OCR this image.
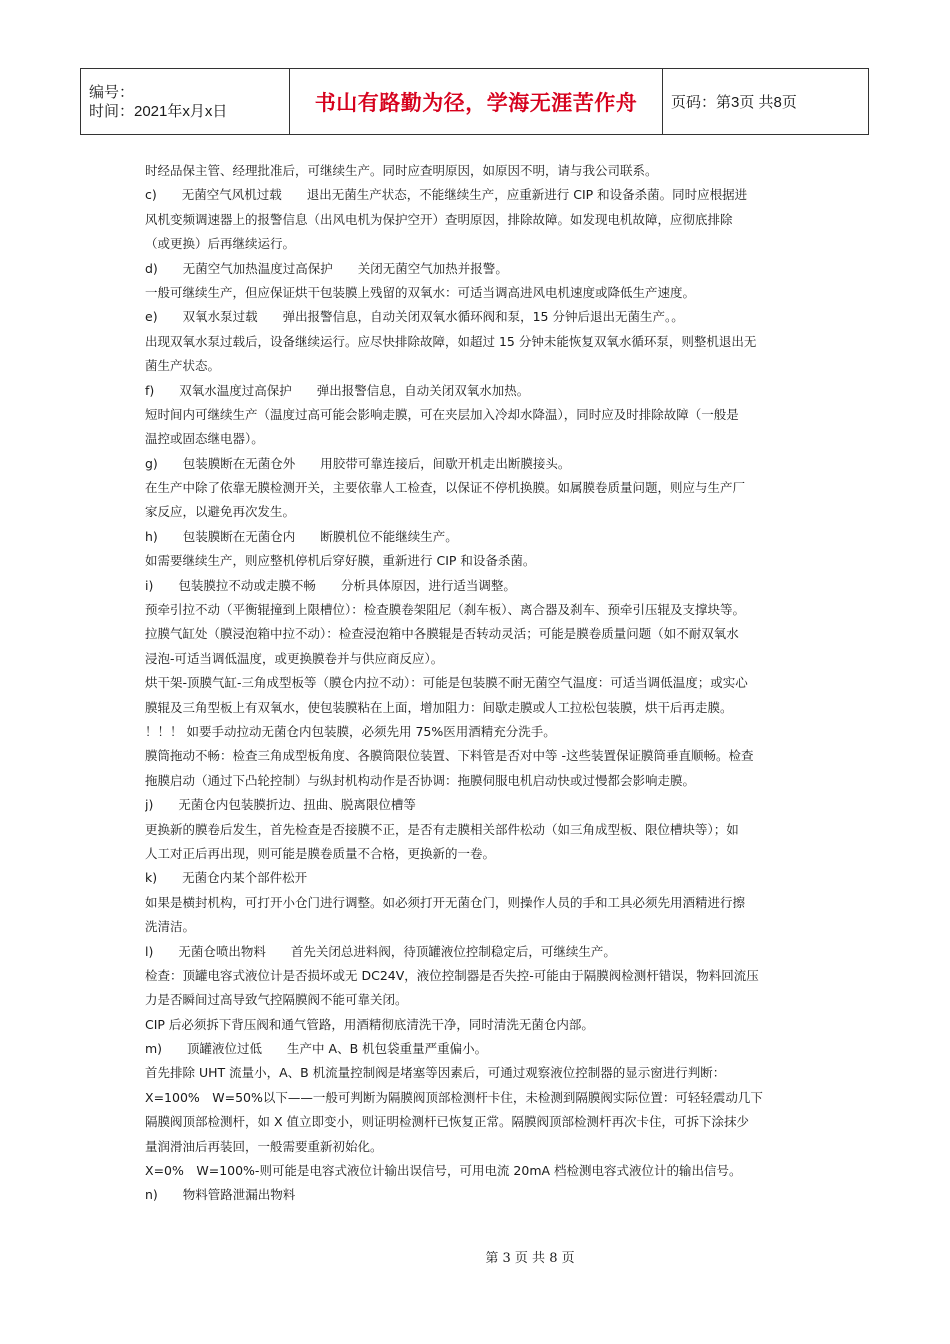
编号：
时间：2021年x月x日	书山有路勤为径，学海无涯苦作舟	页码：第3页 共8页
时经品保主管、经理批准后，可继续生产。同时应查明原因，如原因不明，请与我公司联系。
c)　　无菌空气风机过载　　退出无菌生产状态，不能继续生产，应重新进行 CIP 和设备杀菌。同时应根据进
风机变频调速器上的报警信息（出风电机为保护空开）查明原因，排除故障。如发现电机故障，应彻底排除
（或更换）后再继续运行。
d)　　无菌空气加热温度过高保护　　关闭无菌空气加热并报警。
一般可继续生产，但应保证烘干包装膜上残留的双氧水：可适当调高进风电机速度或降低生产速度。
e)　　双氧水泵过载　　弹出报警信息，自动关闭双氧水循环阀和泵，15 分钟后退出无菌生产。。
出现双氧水泵过载后，设备继续运行。应尽快排除故障，如超过 15 分钟未能恢复双氧水循环泵，则整机退出无
菌生产状态。
f)　　双氧水温度过高保护　　弹出报警信息，自动关闭双氧水加热。
短时间内可继续生产（温度过高可能会影响走膜，可在夹层加入冷却水降温），同时应及时排除故障（一般是
温控或固态继电器）。
g)　　包装膜断在无菌仓外　　用胶带可靠连接后，间歇开机走出断膜接头。
在生产中除了依靠无膜检测开关，主要依靠人工检查，以保证不停机换膜。如属膜卷质量问题，则应与生产厂
家反应，以避免再次发生。
h)　　包装膜断在无菌仓内　　断膜机位不能继续生产。
如需要继续生产，则应整机停机后穿好膜，重新进行 CIP 和设备杀菌。
i)　　包装膜拉不动或走膜不畅　　分析具体原因，进行适当调整。
预牵引拉不动（平衡辊撞到上限槽位）：检查膜卷架阻尼（刹车板）、离合器及刹车、预牵引压辊及支撑块等。
拉膜气缸处（膜浸泡箱中拉不动）：检查浸泡箱中各膜辊是否转动灵活；可能是膜卷质量问题（如不耐双氧水
浸泡-可适当调低温度，或更换膜卷并与供应商反应）。
烘干架-顶膜气缸-三角成型板等（膜仓内拉不动）：可能是包装膜不耐无菌空气温度：可适当调低温度；或实心
膜辊及三角型板上有双氧水，使包装膜粘在上面，增加阻力：间歇走膜或人工拉松包装膜，烘干后再走膜。
！！！ 如要手动拉动无菌仓内包装膜，必须先用 75%医用酒精充分洗手。
膜筒拖动不畅：检查三角成型板角度、各膜筒限位装置、下料管是否对中等 -这些装置保证膜筒垂直顺畅。检查
拖膜启动（通过下凸轮控制）与纵封机构动作是否协调：拖膜伺服电机启动快或过慢都会影响走膜。
j)　　无菌仓内包装膜折边、扭曲、脱离限位槽等
更换新的膜卷后发生，首先检查是否接膜不正，是否有走膜相关部件松动（如三角成型板、限位槽块等）；如
人工对正后再出现，则可能是膜卷质量不合格，更换新的一卷。
k)　　无菌仓内某个部件松开
如果是横封机构，可打开小仓门进行调整。如必须打开无菌仓门，则操作人员的手和工具必须先用酒精进行擦
洗清洁。
l)　　无菌仓喷出物料　　首先关闭总进料阀，待顶罐液位控制稳定后，可继续生产。
检查：顶罐电容式液位计是否损坏或无 DC24V，液位控制器是否失控-可能由于隔膜阀检测杆错误，物料回流压
力是否瞬间过高导致气控隔膜阀不能可靠关闭。
CIP 后必须拆下背压阀和通气管路，用酒精彻底清洗干净，同时清洗无菌仓内部。
m)　　顶罐液位过低　　生产中 A、B 机包袋重量严重偏小。
首先排除 UHT 流量小，A、B 机流量控制阀是堵塞等因素后，可通过观察液位控制器的显示窗进行判断：
X=100%　W=50%以下——一般可判断为隔膜阀顶部检测杆卡住，未检测到隔膜阀实际位置：可轻轻震动几下
隔膜阀顶部检测杆，如 X 值立即变小，则证明检测杆已恢复正常。隔膜阀顶部检测杆再次卡住，可拆下涂抹少
量润滑油后再装回，一般需要重新初始化。
X=0%　W=100%-则可能是电容式液位计输出误信号，可用电流 20mA 档检测电容式液位计的输出信号。
n)　　物料管路泄漏出物料
第 3 页 共 8 页
